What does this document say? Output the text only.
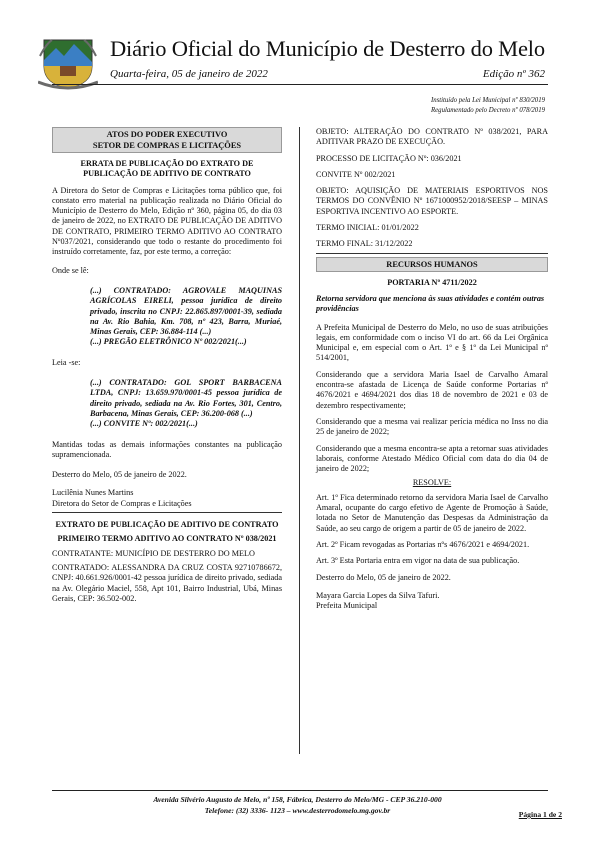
Diário Oficial do Município de Desterro do Melo
Quarta-feira, 05 de janeiro de 2022	Edição nº 362
Instituído pela Lei Municipal nº 830/2019
Regulamentado pelo Decreto nº 078/2019
ATOS DO PODER EXECUTIVO
SETOR DE COMPRAS E LICITAÇÕES
ERRATA DE PUBLICAÇÃO DO EXTRATO DE PUBLICAÇÃO DE ADITIVO DE CONTRATO
A Diretora do Setor de Compras e Licitações torna público que, foi constato erro material na publicação realizada no Diário Oficial do Município de Desterro do Melo, Edição nº 360, página 05, do dia 03 de janeiro de 2022, no EXTRATO DE PUBLICAÇÃO DE ADITIVO DE CONTRATO, PRIMEIRO TERMO ADITIVO AO CONTRATO Nº037/2021, considerando que todo o restante do procedimento foi instruído corretamente, faz, por este termo, a correção:
Onde se lê:
(...) CONTRATADO: AGROVALE MAQUINAS AGRÍCOLAS EIRELI, pessoa jurídica de direito privado, inscrita no CNPJ: 22.865.897/0001-39, sediada na Av. Rio Bahia, Km. 708, nº 423, Barra, Muriaé, Minas Gerais, CEP: 36.884-114 (...)
(...) PREGÃO ELETRÔNICO Nº 002/2021(...)
Leia -se:
(...) CONTRATADO: GOL SPORT BARBACENA LTDA, CNPJ: 13.659.970/0001-45 pessoa jurídica de direito privado, sediada na Av. Rio Fortes, 301, Centro, Barbacena, Minas Gerais, CEP: 36.200-068 (...)
(...) CONVITE Nº: 002/2021(...)
Mantidas todas as demais informações constantes na publicação supramencionada.
Desterro do Melo, 05 de janeiro de 2022.
Lucilênia Nunes Martins
Diretora do Setor de Compras e Licitações
EXTRATO DE PUBLICAÇÃO DE ADITIVO DE CONTRATO
PRIMEIRO TERMO ADITIVO AO CONTRATO Nº 038/2021
CONTRATANTE: MUNICÍPIO DE DESTERRO DO MELO
CONTRATADO: ALESSANDRA DA CRUZ COSTA 92710786672, CNPJ: 40.661.926/0001-42 pessoa jurídica de direito privado, sediada na Av. Olegário Maciel, 558, Apt 101, Bairro Industrial, Ubá, Minas Gerais, CEP: 36.502-002.
OBJETO: ALTERAÇÃO DO CONTRATO Nº 038/2021, PARA ADITIVAR PRAZO DE EXECUÇÃO.
PROCESSO DE LICITAÇÃO Nº: 036/2021
CONVITE Nº 002/2021
OBJETO: AQUISIÇÃO DE MATERIAIS ESPORTIVOS NOS TERMOS DO CONVÊNIO Nº 1671000952/2018/SEESP – MINAS ESPORTIVA INCENTIVO AO ESPORTE.
TERMO INICIAL: 01/01/2022
TERMO FINAL: 31/12/2022
RECURSOS HUMANOS
PORTARIA Nº 4711/2022
Retorna servidora que menciona às suas atividades e contém outras providências
A Prefeita Municipal de Desterro do Melo, no uso de suas atribuições legais, em conformidade com o inciso VI do art. 66 da Lei Orgânica Municipal e, em especial com o Art. 1º e § 1º da Lei Municipal nº 514/2001,
Considerando que a servidora Maria Isael de Carvalho Amaral encontra-se afastada de Licença de Saúde conforme Portarias nº 4676/2021 e 4694/2021 dos dias 18 de novembro de 2021 e 03 de dezembro respectivamente;
Considerando que a mesma vai realizar perícia médica no Inss no dia 25 de janeiro de 2022;
Considerando que a mesma encontra-se apta a retornar suas atividades laborais, conforme Atestado Médico Oficial com data do dia 04 de janeiro de 2022;
RESOLVE:
Art. 1º Fica determinado retorno da servidora Maria Isael de Carvalho Amaral, ocupante do cargo efetivo de Agente de Promoção à Saúde, lotada no Setor de Manutenção das Despesas da Administração da Saúde, ao seu cargo de origem a partir de 05 de janeiro de 2022.
Art. 2º Ficam revogadas as Portarias nºs 4676/2021 e 4694/2021.
Art. 3º Esta Portaria entra em vigor na data de sua publicação.
Desterro do Melo, 05 de janeiro de 2022.
Mayara Garcia Lopes da Silva Tafuri.
Prefeita Municipal
Avenida Silvério Augusto de Melo, nº 158, Fábrica, Desterro do Melo/MG - CEP 36.210-000
Telefone: (32) 3336- 1123 – www.desterrodomelo.mg.gov.br	Página 1 de 2
